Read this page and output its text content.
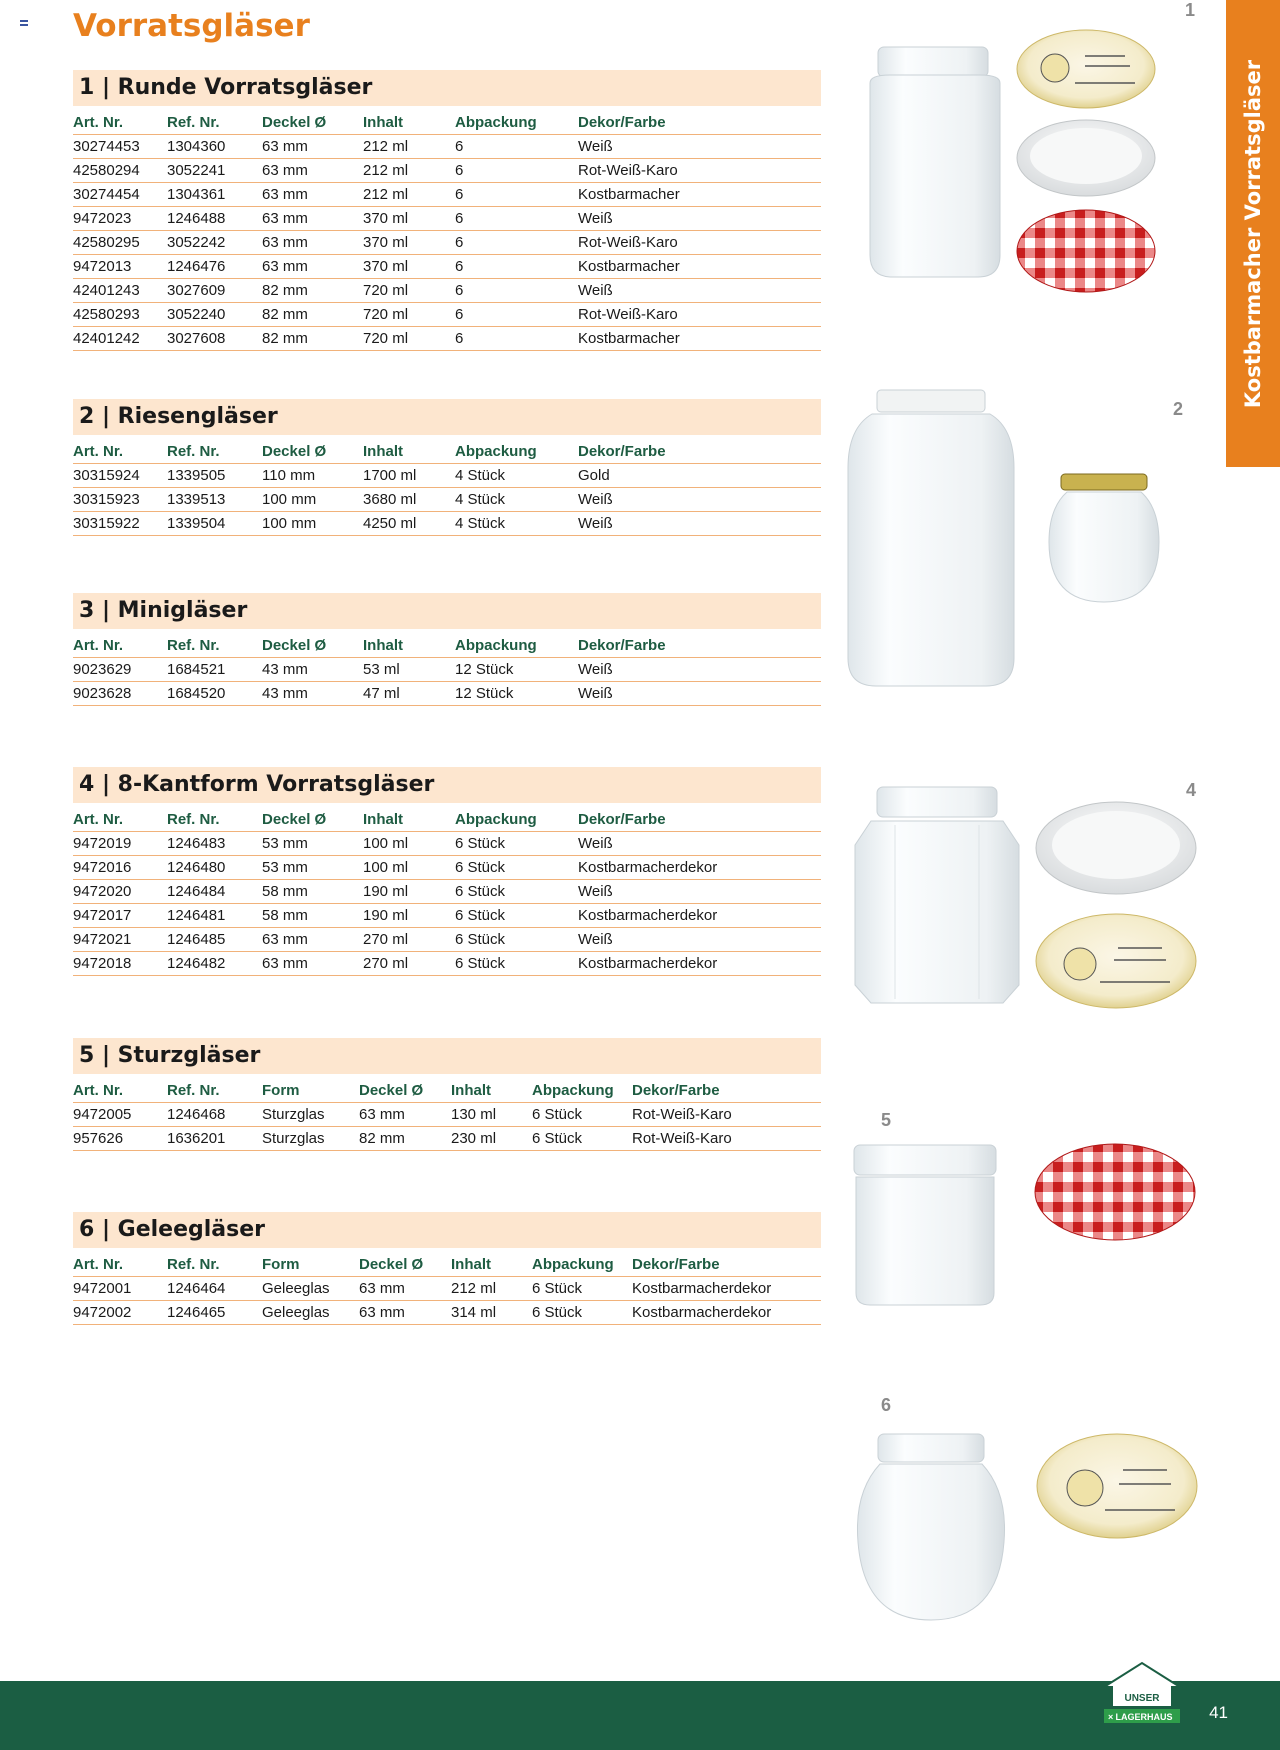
Vorratsgläser
Kostbarmacher Vorratsgläser
1 | Runde Vorratsgläser
Art. Nr.	Ref. Nr.	Deckel Ø	Inhalt	Abpackung	Dekor/Farbe
30274453	1304360	63 mm	212 ml	6	Weiß
42580294	3052241	63 mm	212 ml	6	Rot-Weiß-Karo
30274454	1304361	63 mm	212 ml	6	Kostbarmacher
9472023	1246488	63 mm	370 ml	6	Weiß
42580295	3052242	63 mm	370 ml	6	Rot-Weiß-Karo
9472013	1246476	63 mm	370 ml	6	Kostbarmacher
42401243	3027609	82 mm	720 ml	6	Weiß
42580293	3052240	82 mm	720 ml	6	Rot-Weiß-Karo
42401242	3027608	82 mm	720 ml	6	Kostbarmacher
2 | Riesengläser
Art. Nr.	Ref. Nr.	Deckel Ø	Inhalt	Abpackung	Dekor/Farbe
30315924	1339505	110 mm	1700 ml	4 Stück	Gold
30315923	1339513	100 mm	3680 ml	4 Stück	Weiß
30315922	1339504	100 mm	4250 ml	4 Stück	Weiß
3 | Minigläser
Art. Nr.	Ref. Nr.	Deckel Ø	Inhalt	Abpackung	Dekor/Farbe
9023629	1684521	43 mm	53 ml	12 Stück	Weiß
9023628	1684520	43 mm	47 ml	12 Stück	Weiß
4 | 8-Kantform Vorratsgläser
Art. Nr.	Ref. Nr.	Deckel Ø	Inhalt	Abpackung	Dekor/Farbe
9472019	1246483	53 mm	100 ml	6 Stück	Weiß
9472016	1246480	53 mm	100 ml	6 Stück	Kostbarmacherdekor
9472020	1246484	58 mm	190 ml	6 Stück	Weiß
9472017	1246481	58 mm	190 ml	6 Stück	Kostbarmacherdekor
9472021	1246485	63 mm	270 ml	6 Stück	Weiß
9472018	1246482	63 mm	270 ml	6 Stück	Kostbarmacherdekor
5 | Sturzgläser
Art. Nr.	Ref. Nr.	Form	Deckel Ø	Inhalt	Abpackung	Dekor/Farbe
9472005	1246468	Sturzglas	63 mm	130 ml	6 Stück	Rot-Weiß-Karo
957626	1636201	Sturzglas	82 mm	230 ml	6 Stück	Rot-Weiß-Karo
6 | Geleegläser
Art. Nr.	Ref. Nr.	Form	Deckel Ø	Inhalt	Abpackung	Dekor/Farbe
9472001	1246464	Geleeglas	63 mm	212 ml	6 Stück	Kostbarmacherdekor
9472002	1246465	Geleeglas	63 mm	314 ml	6 Stück	Kostbarmacherdekor
1
2
4
5
6
41
UNSER
LAGERHAUS
×
